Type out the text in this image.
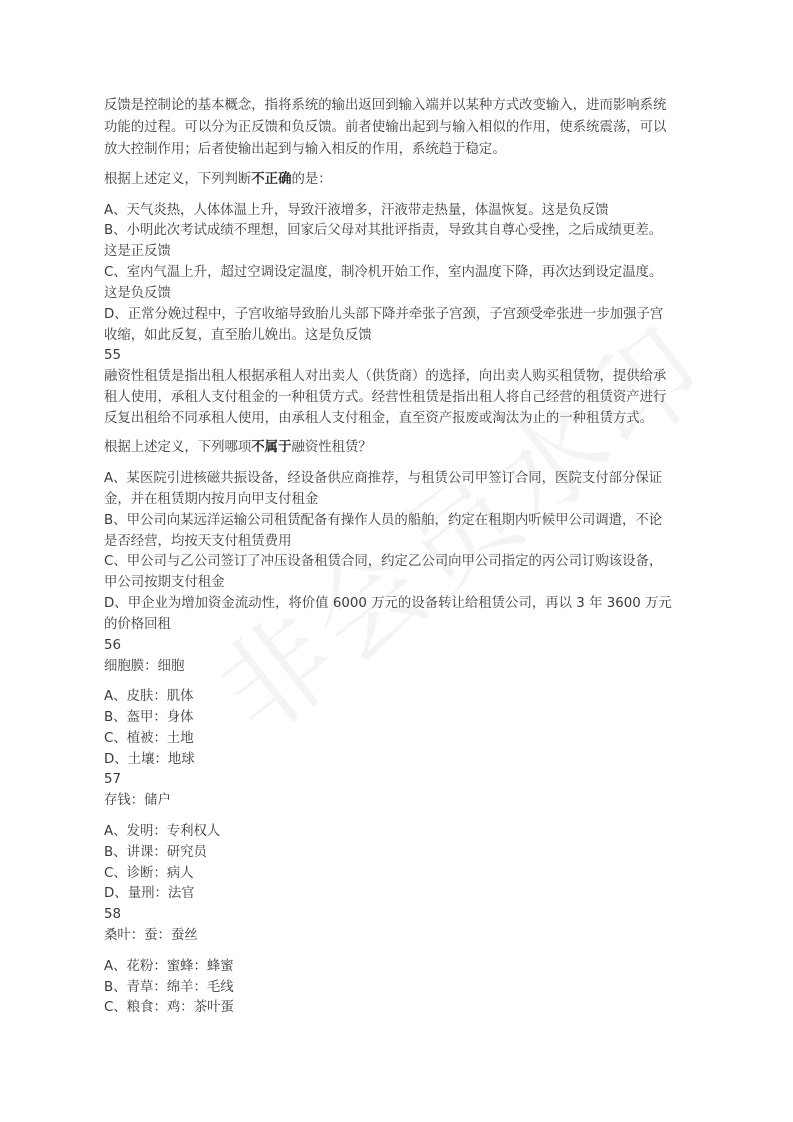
反馈是控制论的基本概念，指将系统的输出返回到输入端并以某种方式改变输入，进而影响系统
功能的过程。可以分为正反馈和负反馈。前者使输出起到与输入相似的作用，使系统震荡，可以
放大控制作用；后者使输出起到与输入相反的作用，系统趋于稳定。
根据上述定义，下列判断不正确的是：
A、天气炎热，人体体温上升，导致汗液增多，汗液带走热量，体温恢复。这是负反馈
B、小明此次考试成绩不理想，回家后父母对其批评指责，导致其自尊心受挫，之后成绩更差。
这是正反馈
C、室内气温上升，超过空调设定温度，制冷机开始工作，室内温度下降，再次达到设定温度。
这是负反馈
D、正常分娩过程中，子宫收缩导致胎儿头部下降并牵张子宫颈，子宫颈受牵张进一步加强子宫
收缩，如此反复，直至胎儿娩出。这是负反馈
55
融资性租赁是指出租人根据承租人对出卖人（供货商）的选择，向出卖人购买租赁物，提供给承
租人使用，承租人支付租金的一种租赁方式。经营性租赁是指出租人将自己经营的租赁资产进行
反复出租给不同承租人使用，由承租人支付租金，直至资产报废或淘汰为止的一种租赁方式。
根据上述定义，下列哪项不属于融资性租赁？
A、某医院引进核磁共振设备，经设备供应商推荐，与租赁公司甲签订合同，医院支付部分保证
金，并在租赁期内按月向甲支付租金
B、甲公司向某远洋运输公司租赁配备有操作人员的船舶，约定在租期内听候甲公司调遣，不论
是否经营，均按天支付租赁费用
C、甲公司与乙公司签订了冲压设备租赁合同，约定乙公司向甲公司指定的丙公司订购该设备，
甲公司按期支付租金
D、甲企业为增加资金流动性，将价值 6000 万元的设备转让给租赁公司，再以 3 年 3600 万元
的价格回租
56
细胞膜：细胞
A、皮肤：肌体
B、盔甲：身体
C、植被：土地
D、土壤：地球
57
存钱：储户
A、发明：专利权人
B、讲课：研究员
C、诊断：病人
D、量刑：法官
58
桑叶：蚕：蚕丝
A、花粉：蜜蜂：蜂蜜
B、青草：绵羊：毛线
C、粮食：鸡：茶叶蛋
